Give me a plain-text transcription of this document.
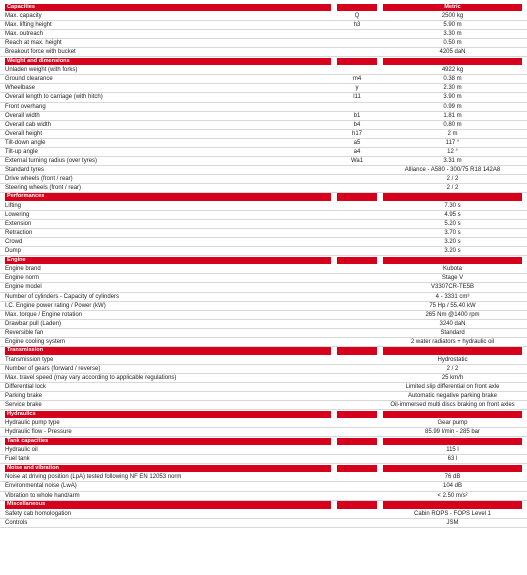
Capacities	Metric
Max. capacity	Q	2500 kg
Max. lifting height	h3	5.90 m
Max. outreach	3.30 m
Reach at max. height	0.50 m
Breakout force with bucket	4205 daN
Weight and dimensions
Unladen weight (with forks)	4922 kg
Ground clearance	m4	0.38 m
Wheelbase	y	2.30 m
Overall length to carriage (with hitch)	l11	3.90 m
Front overhang	0.99 m
Overall width	b1	1.81 m
Overall cab width	b4	0.80 m
Overall height	h17	2 m
Tilt-down angle	a5	117 °
Tilt-up angle	a4	12 °
External turning radius (over tyres)	Wa1	3.31 m
Standard tyres	Alliance - A580 - 300/75 R18 142A8
Drive wheels (front / rear)	2 / 2
Steering wheels (front / rear)	2 / 2
Performances
Lifting	7.30 s
Lowering	4.95 s
Extension	5.20 s
Retraction	3.70 s
Crowd	3.20 s
Dump	3.20 s
Engine
Engine brand	Kubota
Engine norm	Stage V
Engine model	V3307CR-TE5B
Number of cylinders - Capacity of cylinders	4 - 3331 cm³
I.C. Engine power rating / Power (kW)	75 Hp / 55.40 kW
Max. torque / Engine rotation	265 Nm @1400 rpm
Drawbar pull (Laden)	3240 daN
Reversible fan	Standard
Engine cooling system	2 water radiators + hydraulic oil
Transmission
Transmission type	Hydrostatic
Number of gears (forward / reverse)	2 / 2
Max. travel speed (may vary according to applicable regulations)	25 km/h
Differential lock	Limited slip differential on front axle
Parking brake	Automatic negative parking brake
Service brake	Oil-immersed multi discs braking on front axles
Hydraulics
Hydraulic pump type	Gear pump
Hydraulic flow - Pressure	85.99 l/min - 285 bar
Tank capacities
Hydraulic oil	115 l
Fuel tank	63 l
Noise and vibration
Noise at driving position (LpA) tested following NF EN 12053 norm	76 dB
Environmental noise (LwA)	104 dB
Vibration to whole hand/arm	< 2.50 m/s²
Miscellaneous
Safety cab homologation	Cabin ROPS - FOPS Level 1
Controls	JSM
